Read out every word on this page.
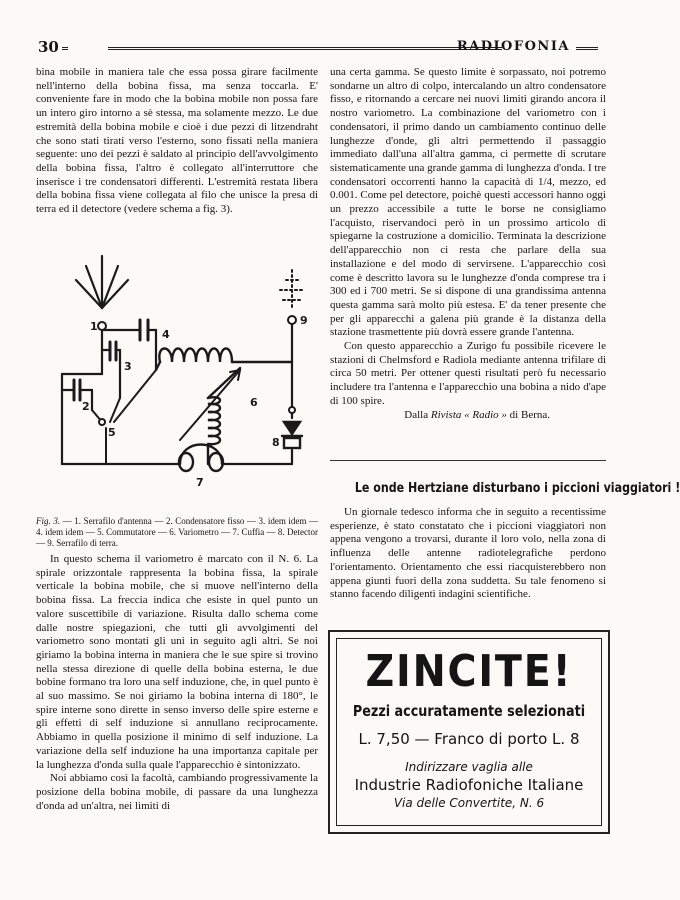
30	RADIOFONIA

bina mobile in maniera tale che essa possa girare facilmente nell'interno della bobina fissa, ma senza toccarla. E' conveniente fare in modo che la bobina mobile non possa fare un intero giro intorno a sè stessa, ma solamente mezzo. Le due estremità della bobina mobile e cioè i due pezzi di litzendraht che sono stati tirati verso l'esterno, sono fissati nella maniera seguente: uno dei pezzi è saldato al principio dell'avvolgimento della bobina fissa, l'altro è collegato all'interruttore che inserisce i tre condensatori differenti. L'estremità restata libera della bobina fissa viene collegata al filo che unisce la presa di terra ed il detectore (vedere schema a fig. 3).

1
2
3
4
5
6
7
8
9
Fig. 3. — 1. Serrafilo d'antenna — 2. Condensatore fisso — 3. idem idem — 4. idem idem — 5. Commutatore — 6. Variometro — 7. Cuffia — 8. Detector — 9. Serrafilo di terra.

In questo schema il variometro è marcato con il N. 6. La spirale orizzontale rappresenta la bobina fissa, la spirale verticale la bobina mobile, che si muove nell'interno della bobina fissa. La freccia indica che esiste in quel punto un valore suscettibile di variazione. Risulta dallo schema come dalle nostre spiegazioni, che tutti gli avvolgimenti del variometro sono montati gli uni in seguito agli altri. Se noi giriamo la bobina interna in maniera che le sue spire si trovino nella stessa direzione di quelle della bobina esterna, le due bobine formano tra loro una self induzione, che, in quel punto è al suo massimo. Se noi giriamo la bobina interna di 180°, le spire interne sono dirette in senso inverso delle spire esterne e gli effetti di self induzione si annullano reciprocamente. Abbiamo in quella posizione il minimo di self induzione. La variazione della self induzione ha una importanza capitale per la lunghezza d'onda sulla quale l'apparecchio è sintonizzato.

Noi abbiamo così la facoltà, cambiando progressivamente la posizione della bobina mobile, di passare da una lunghezza d'onda ad un'altra, nei limiti di

una certa gamma. Se questo limite è sorpassato, noi potremo sondarne un altro di colpo, intercalando un altro condensatore fisso, e ritornando a cercare nei nuovi limiti girando ancora il nostro variometro. La combinazione del variometro con i condensatori, il primo dando un cambiamento continuo delle lunghezze d'onde, gli altri permettendo il passaggio immediato dall'una all'altra gamma, ci permette di scrutare sistematicamente una grande gamma di lunghezza d'onda. I tre condensatori occorrenti hanno la capacità di 1/4, mezzo, ed 0.001. Come pel detectore, poichè questi accessori hanno oggi un prezzo accessibile a tutte le borse ne consigliamo l'acquisto, riservandoci però in un prossimo articolo di spiegarne la costruzione a domicilio. Terminata la descrizione dell'apparecchio non ci resta che parlare della sua installazione e del modo di servirsene. L'apparecchio così come è descritto lavora su le lunghezze d'onda comprese tra i 300 ed i 700 metri. Se si dispone di una grandissima antenna questa gamma sarà molto più estesa. E' da tener presente che per gli apparecchi a galena più grande è la distanza della stazione trasmettente più dovrà essere grande l'antenna.

Con questo apparecchio a Zurigo fu possibile ricevere le stazioni di Chelmsford e Radiola mediante antenna trifilare di circa 50 metri. Per ottener questi risultati però fu necessario includere tra l'antenna e l'apparecchio una bobina a nido d'ape di 100 spire.

Dalla Rivista « Radio » di Berna.

Le onde Hertziane disturbano i piccioni viaggiatori !

Un giornale tedesco informa che in seguito a recentissime esperienze, è stato constatato che i piccioni viaggiatori non appena vengono a trovarsi, durante il loro volo, nella zona di influenza delle antenne radiotelegrafiche perdono l'orientamento. Orientamento che essi riacquisterebbero non appena giunti fuori della zona suddetta. Su tale fenomeno si stanno facendo diligenti indagini scientifiche.

ZINCITE!
Pezzi accuratamente selezionati
L. 7,50 — Franco di porto L. 8
Indirizzare vaglia alle
Industrie Radiofoniche Italiane
Via delle Convertite, N. 6
